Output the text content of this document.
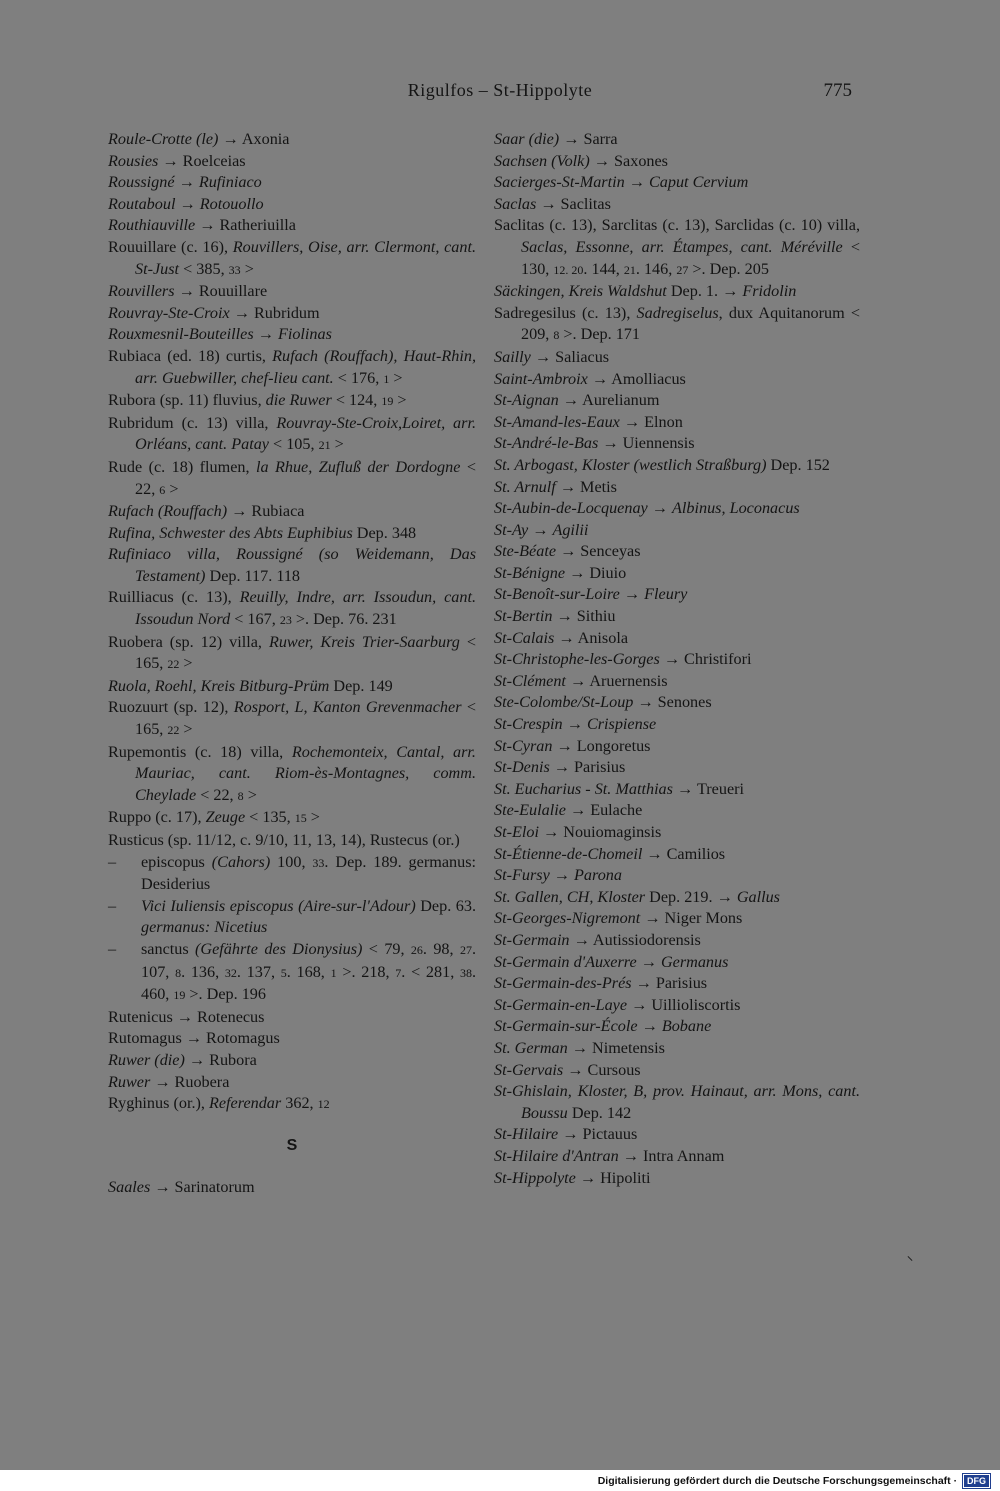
Rigulfos – St-Hippolyte	775
Roule-Crotte (le) → Axonia
Rousies → Roelceias
Roussigné → Rufiniaco
Routaboul → Rotouollo
Routhiauville → Ratheriuilla
Rouuillare (c. 16), Rouvillers, Oise, arr. Clermont, cant. St-Just < 385, 33 >
Rouvillers → Rouuillare
Rouvray-Ste-Croix → Rubridum
Rouxmesnil-Bouteilles → Fiolinas
Rubiaca (ed. 18) curtis, Rufach (Rouffach), Haut-Rhin, arr. Guebwiller, chef-lieu cant. < 176, 1 >
Rubora (sp. 11) fluvius, die Ruwer < 124, 19 >
Rubridum (c. 13) villa, Rouvray-Ste-Croix,Loiret, arr. Orléans, cant. Patay < 105, 21 >
Rude (c. 18) flumen, la Rhue, Zufluß der Dordogne < 22, 6 >
Rufach (Rouffach) → Rubiaca
Rufina, Schwester des Abts Euphibius Dep. 348
Rufiniaco villa, Roussigné (so Weidemann, Das Testament) Dep. 117. 118
Ruilliacus (c. 13), Reuilly, Indre, arr. Issoudun, cant. Issoudun Nord < 167, 23 >. Dep. 76. 231
Ruobera (sp. 12) villa, Ruwer, Kreis Trier-Saarburg < 165, 22 >
Ruola, Roehl, Kreis Bitburg-Prüm Dep. 149
Ruozuurt (sp. 12), Rosport, L, Kanton Grevenmacher < 165, 22 >
Rupemontis (c. 18) villa, Rochemonteix, Cantal, arr. Mauriac, cant. Riom-ès-Montagnes, comm. Cheylade < 22, 8 >
Ruppo (c. 17), Zeuge < 135, 15 >
Rusticus (sp. 11/12, c. 9/10, 11, 13, 14), Rustecus (or.)
– episcopus (Cahors) 100, 33. Dep. 189. germanus: Desiderius
– Vici Iuliensis episcopus (Aire-sur-l'Adour) Dep. 63. germanus: Nicetius
– sanctus (Gefährte des Dionysius) < 79, 26. 98, 27. 107, 8. 136, 32. 137, 5. 168, 1 >. 218, 7. < 281, 38. 460, 19 >. Dep. 196
Rutenicus → Rotenecus
Rutomagus → Rotomagus
Ruwer (die) → Rubora
Ruwer → Ruobera
Ryghinus (or.), Referendar 362, 12
S
Saales → Sarinatorum
Saar (die) → Sarra
Sachsen (Volk) → Saxones
Sacierges-St-Martin → Caput Cervium
Saclas → Saclitas
Saclitas (c. 13), Sarclitas (c. 13), Sarclidas (c. 10) villa, Saclas, Essonne, arr. Étampes, cant. Méréville < 130, 12. 20. 144, 21. 146, 27 >. Dep. 205
Säckingen, Kreis Waldshut Dep. 1. → Fridolin
Sadregesilus (c. 13), Sadregiselus, dux Aquitanorum < 209, 8 >. Dep. 171
Sailly → Saliacus
Saint-Ambroix → Amolliacus
St-Aignan → Aurelianum
St-Amand-les-Eaux → Elnon
St-André-le-Bas → Uiennensis
St. Arbogast, Kloster (westlich Straßburg) Dep. 152
St. Arnulf → Metis
St-Aubin-de-Locquenay → Albinus, Loconacus
St-Ay → Agilii
Ste-Béate → Senceyas
St-Bénigne → Diuio
St-Benoît-sur-Loire → Fleury
St-Bertin → Sithiu
St-Calais → Anisola
St-Christophe-les-Gorges → Christifori
St-Clément → Aruernensis
Ste-Colombe/St-Loup → Senones
St-Crespin → Crispiense
St-Cyran → Longoretus
St-Denis → Parisius
St. Eucharius - St. Matthias → Treueri
Ste-Eulalie → Eulache
St-Eloi → Nouiomaginsis
St-Étienne-de-Chomeil → Camilios
St-Fursy → Parona
St. Gallen, CH, Kloster Dep. 219. → Gallus
St-Georges-Nigremont → Niger Mons
St-Germain → Autissiodorensis
St-Germain d'Auxerre → Germanus
St-Germain-des-Prés → Parisius
St-Germain-en-Laye → Uillioliscortis
St-Germain-sur-École → Bobane
St. German → Nimetensis
St-Gervais → Cursous
St-Ghislain, Kloster, B, prov. Hainaut, arr. Mons, cant. Boussu Dep. 142
St-Hilaire → Pictauus
St-Hilaire d'Antran → Intra Annam
St-Hippolyte → Hipoliti
Digitalisierung gefördert durch die Deutsche Forschungsgemeinschaft · DFG
